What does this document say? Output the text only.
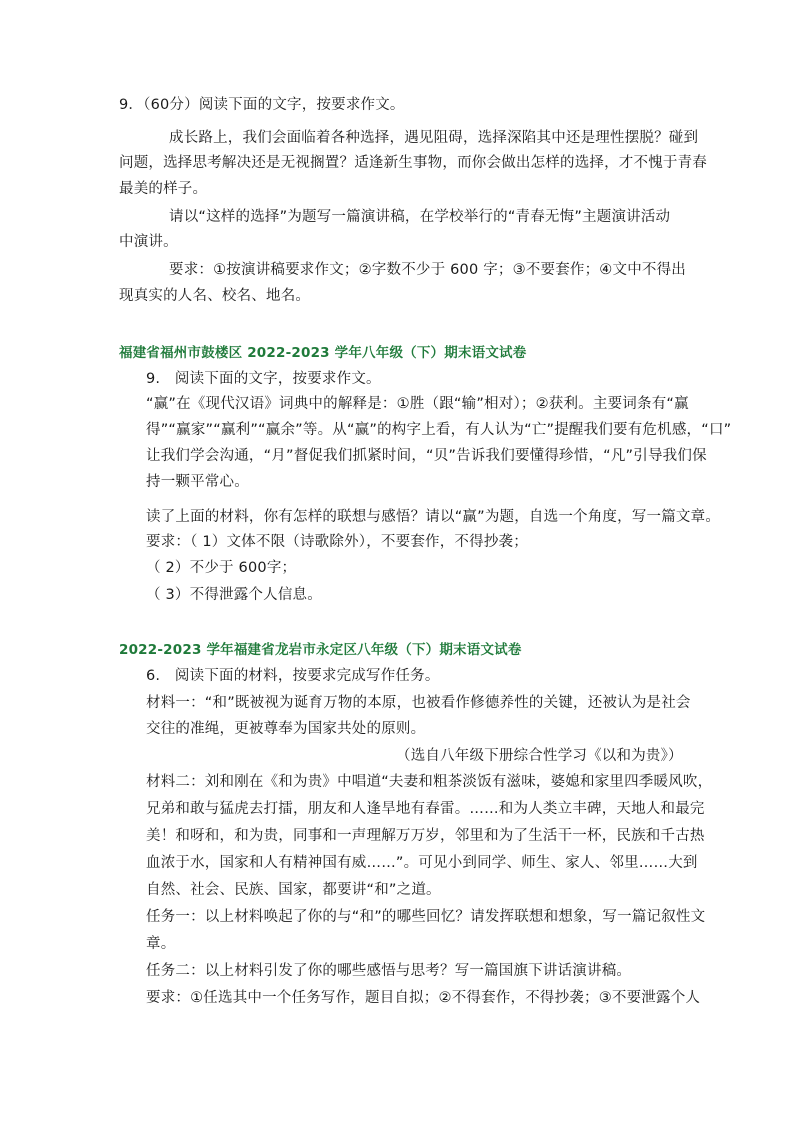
9．（60分）阅读下面的文字，按要求作文。
成长路上，我们会面临着各种选择，遇见阻碍，选择深陷其中还是理性摆脱？碰到
问题，选择思考解决还是无视搁置？适逢新生事物，而你会做出怎样的选择，才不愧于青春
最美的样子。
请以“这样的选择”为题写一篇演讲稿，在学校举行的“青春无悔”主题演讲活动
中演讲。
要求：①按演讲稿要求作文；②字数不少于 600 字；③不要套作；④文中不得出
现真实的人名、校名、地名。
福建省福州市鼓楼区 2022-2023 学年八年级（下）期末语文试卷
9.　阅读下面的文字，按要求作文。
“赢”在《现代汉语》词典中的解释是：①胜（跟“输”相对）；②获利。主要词条有“赢
得”“赢家”“赢利”“赢余”等。从“赢”的构字上看，有人认为“亡”提醒我们要有危机感，“口”
让我们学会沟通，“月”督促我们抓紧时间，“贝”告诉我们要懂得珍惜，“凡”引导我们保
持一颗平常心。
读了上面的材料，你有怎样的联想与感悟？请以“赢”为题，自选一个角度，写一篇文章。
要求：（ 1）文体不限（诗歌除外），不要套作，不得抄袭；
（ 2）不少于 600字；
（ 3）不得泄露个人信息。
2022-2023 学年福建省龙岩市永定区八年级（下）期末语文试卷
6.　阅读下面的材料，按要求完成写作任务。
材料一：“和”既被视为诞育万物的本原，也被看作修德养性的关键，还被认为是社会
交往的准绳，更被尊奉为国家共处的原则。
（选自八年级下册综合性学习《以和为贵》）
材料二：刘和刚在《和为贵》中唱道“夫妻和粗茶淡饭有滋味，婆媳和家里四季暖风吹，
兄弟和敢与猛虎去打擂，朋友和人逢旱地有春雷。……和为人类立丰碑，天地人和最完
美！和呀和，和为贵，同事和一声理解万万岁，邻里和为了生活干一杯，民族和千古热
血浓于水，国家和人有精神国有威……”。可见小到同学、师生、家人、邻里……大到
自然、社会、民族、国家，都要讲“和”之道。
任务一：以上材料唤起了你的与“和”的哪些回忆？请发挥联想和想象，写一篇记叙性文
章。
任务二：以上材料引发了你的哪些感悟与思考？写一篇国旗下讲话演讲稿。
要求：①任选其中一个任务写作，题目自拟；②不得套作，不得抄袭；③不要泄露个人
